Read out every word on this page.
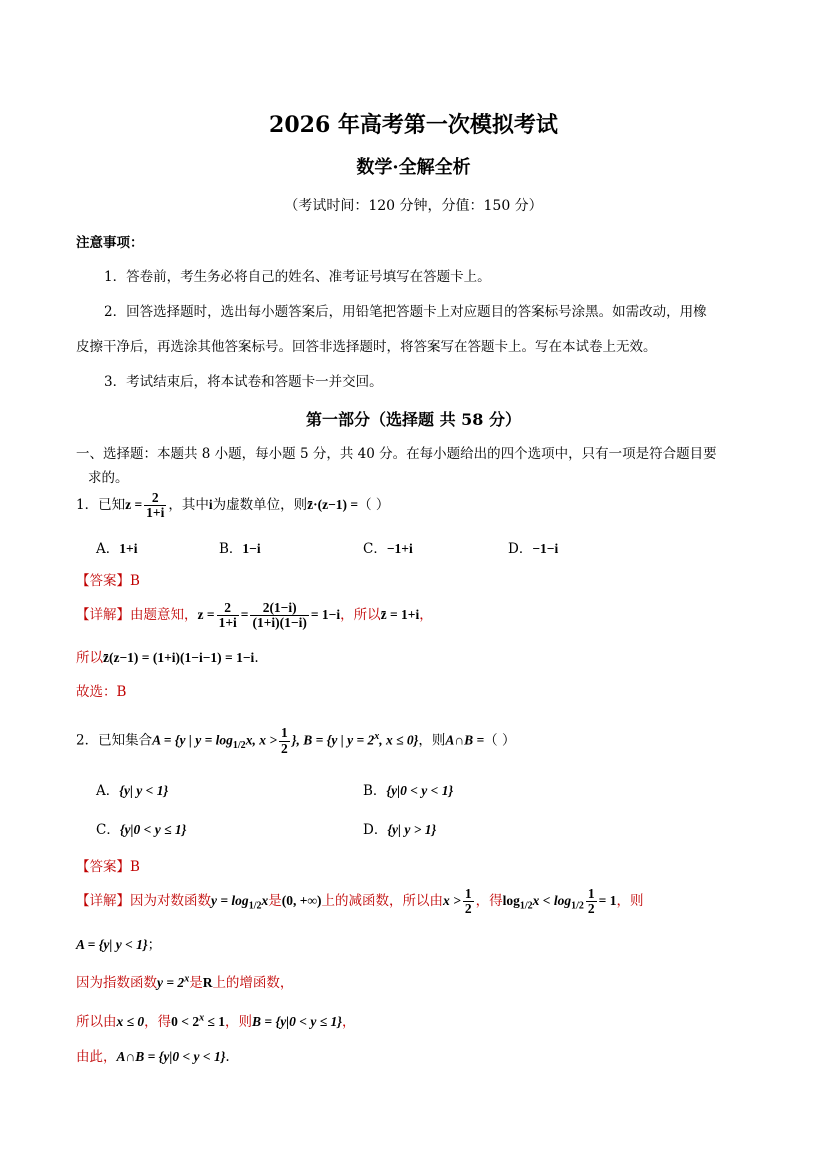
2026 年高考第一次模拟考试
数学·全解全析
（考试时间：120 分钟，分值：150 分）
注意事项：
1．答卷前，考生务必将自己的姓名、准考证号填写在答题卡上。
2．回答选择题时，选出每小题答案后，用铅笔把答题卡上对应题目的答案标号涂黑。如需改动，用橡
皮擦干净后，再选涂其他答案标号。回答非选择题时，将答案写在答题卡上。写在本试卷上无效。
3．考试结束后，将本试卷和答题卡一并交回。
第一部分（选择题 共 58 分）
一、选择题：本题共 8 小题，每小题 5 分，共 40 分。在每小题给出的四个选项中，只有一项是符合题目要
求的。
1．已知$z = \frac{2}{1+i}$ ，其中i为虚数单位，则z̄·(z−1) =（ ）
A．1+i	B．1−i	C．−1+i	D．−1−i
【答案】B
【详解】由题意知，$z = \frac{2}{1+i} = \frac{2(1-i)}{(1+i)(1-i)} = 1-i$，所以z̄ = 1+i，
所以z̄(z−1) = (1+i)(1−i−1) = 1−i.
故选：B
2．已知集合A = {y | $y = \log_{1/2}x$, $x > \frac{1}{2}$ }, B = {y | $y = 2^x$, x ≤ 0}，则A∩B =（ ）
A．{y| y < 1}	B．{y|0 < y < 1}
C．{y|0 < y ≤ 1}	D．{y| y > 1}
【答案】B
【详解】因为对数函数$y = \log_{1/2}x$是(0, +∞)上的减函数，所以由$x > \frac{1}{2}$ ，得$\log_{1/2}x < \log_{1/2} \frac{1}{2} = 1$，则
A = {y| y < 1}；
因为指数函数$y = 2^x$是R上的增函数，
所以由x ≤ 0，得$0 < 2^x \le 1$，则B = {y|0 < y ≤ 1}，
由此，A∩B = {y|0 < y < 1}.
